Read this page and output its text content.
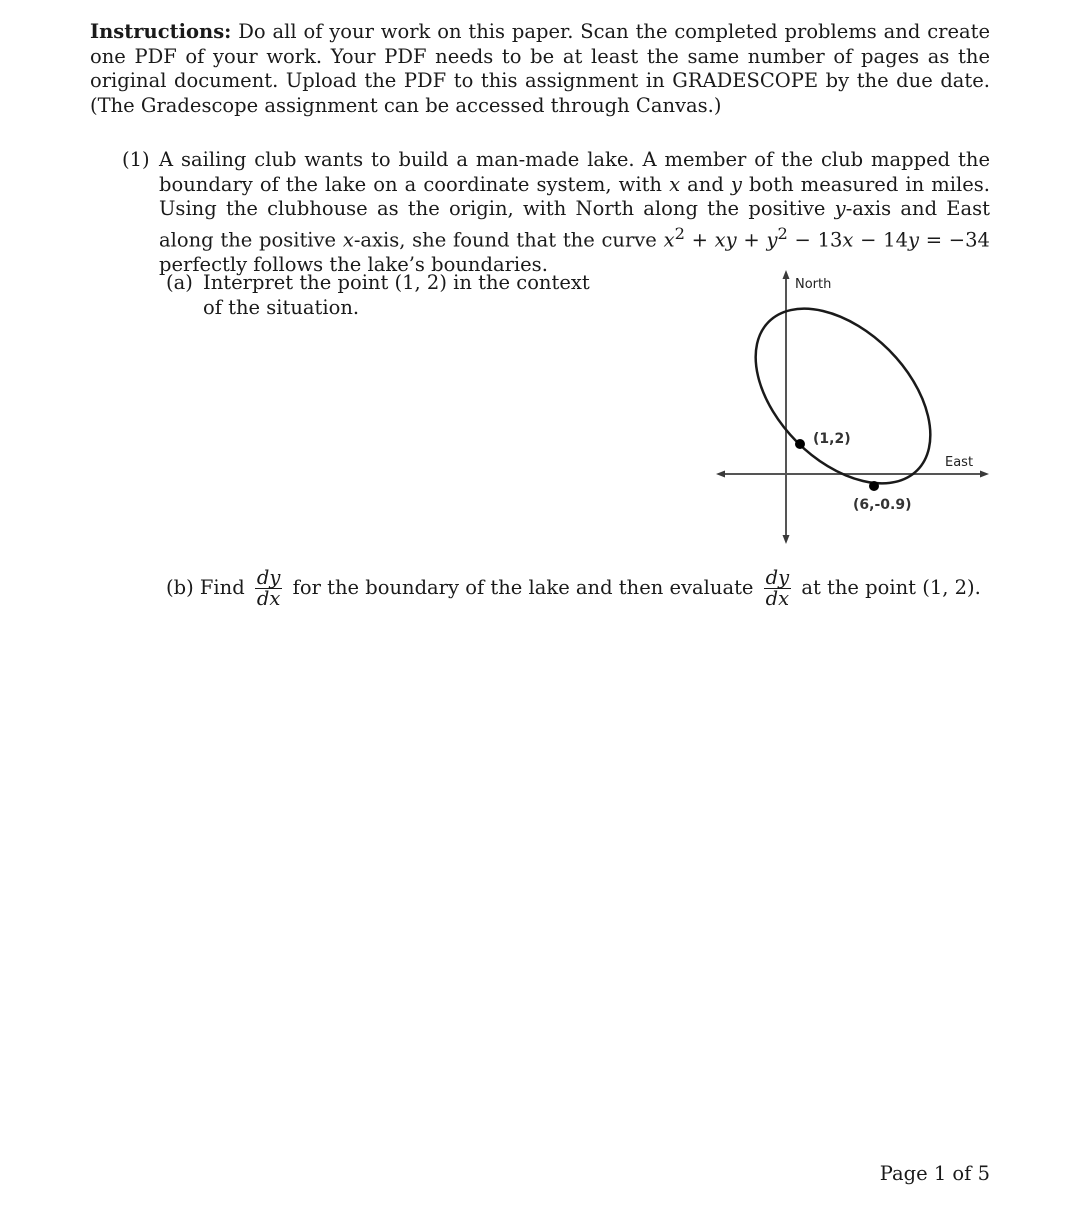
Instructions: Do all of your work on this paper. Scan the completed problems and create one PDF of your work. Your PDF needs to be at least the same number of pages as the original document. Upload the PDF to this assignment in GRADESCOPE by the due date. (The Gradescope assignment can be accessed through Canvas.)
(1) A sailing club wants to build a man-made lake. A member of the club mapped the boundary of the lake on a coordinate system, with x and y both measured in miles. Using the clubhouse as the origin, with North along the positive y-axis and East along the positive x-axis, she found that the curve $x^2$ + xy + $y^2 - 13x - 14y = -34$ perfectly follows the lake’s boundaries.
(a) Interpret the point (1, 2) in the context of the situation.
North
East
(1,2)
(6,-0.9)
(b) Find $\frac{dy}{dx}$ for the boundary of the lake and then evaluate $\frac{dy}{dx}$ at the point (1, 2).
Page 1 of 5
